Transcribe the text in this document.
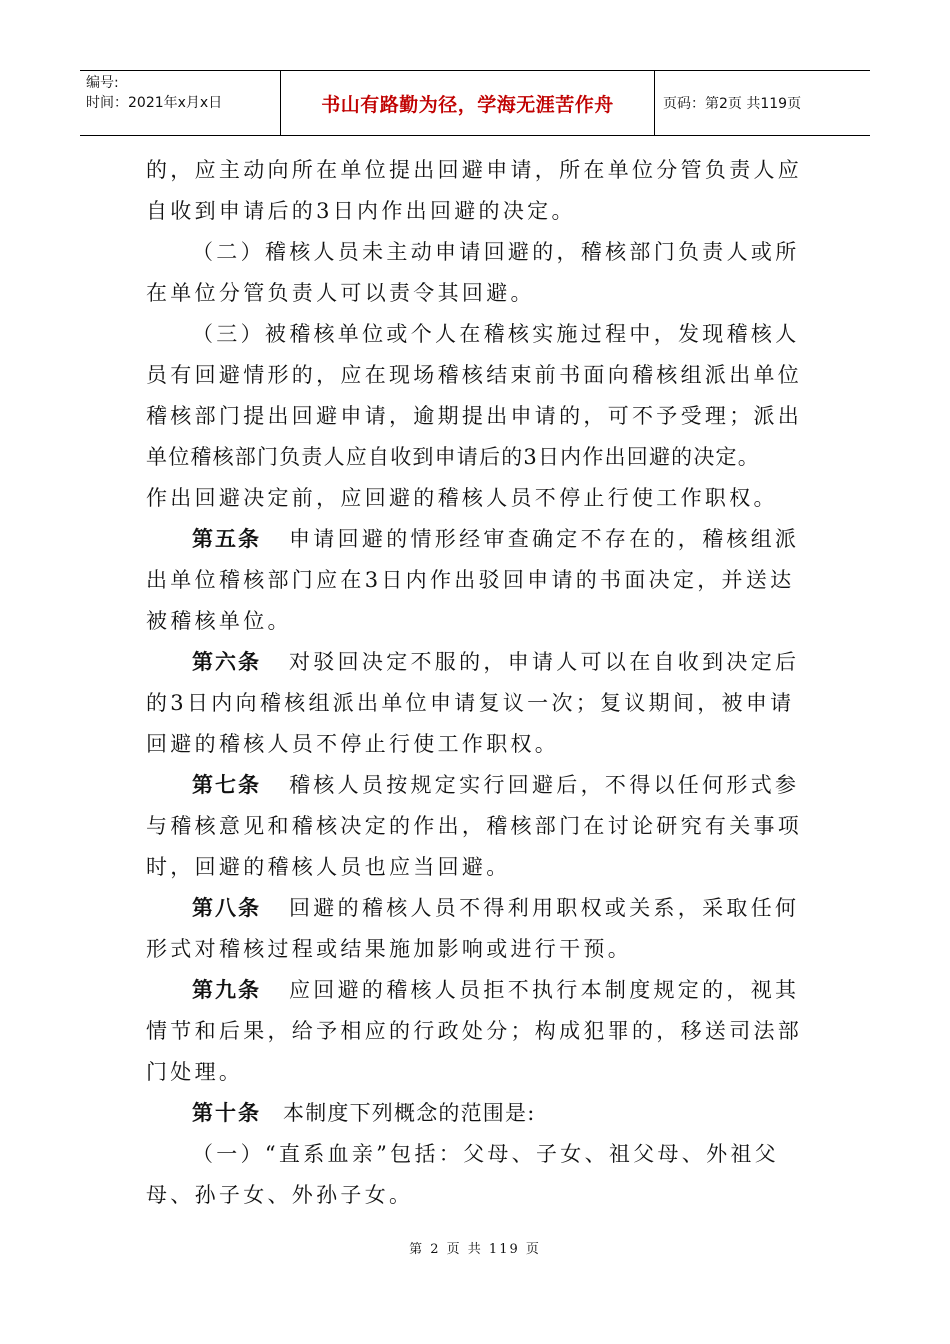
编号:
时间：2021年x月x日	书山有路勤为径，学海无涯苦作舟	页码：第2页 共119页
的，应主动向所在单位提出回避申请，所在单位分管负责人应
自收到申请后的3日内作出回避的决定。
（二）稽核人员未主动申请回避的，稽核部门负责人或所
在单位分管负责人可以责令其回避。
（三）被稽核单位或个人在稽核实施过程中，发现稽核人
员有回避情形的，应在现场稽核结束前书面向稽核组派出单位
稽核部门提出回避申请，逾期提出申请的，可不予受理；派出
单位稽核部门负责人应自收到申请后的3日内作出回避的决定。
作出回避决定前，应回避的稽核人员不停止行使工作职权。
第五条 申请回避的情形经审查确定不存在的，稽核组派
出单位稽核部门应在3日内作出驳回申请的书面决定，并送达
被稽核单位。
第六条 对驳回决定不服的，申请人可以在自收到决定后
的3日内向稽核组派出单位申请复议一次；复议期间，被申请
回避的稽核人员不停止行使工作职权。
第七条 稽核人员按规定实行回避后，不得以任何形式参
与稽核意见和稽核决定的作出，稽核部门在讨论研究有关事项
时，回避的稽核人员也应当回避。
第八条 回避的稽核人员不得利用职权或关系，采取任何
形式对稽核过程或结果施加影响或进行干预。
第九条 应回避的稽核人员拒不执行本制度规定的，视其
情节和后果，给予相应的行政处分；构成犯罪的，移送司法部
门处理。
第十条 本制度下列概念的范围是:
（一）“直系血亲”包括：父母、子女、祖父母、外祖父
母、孙子女、外孙子女。
第 2 页 共 119 页
